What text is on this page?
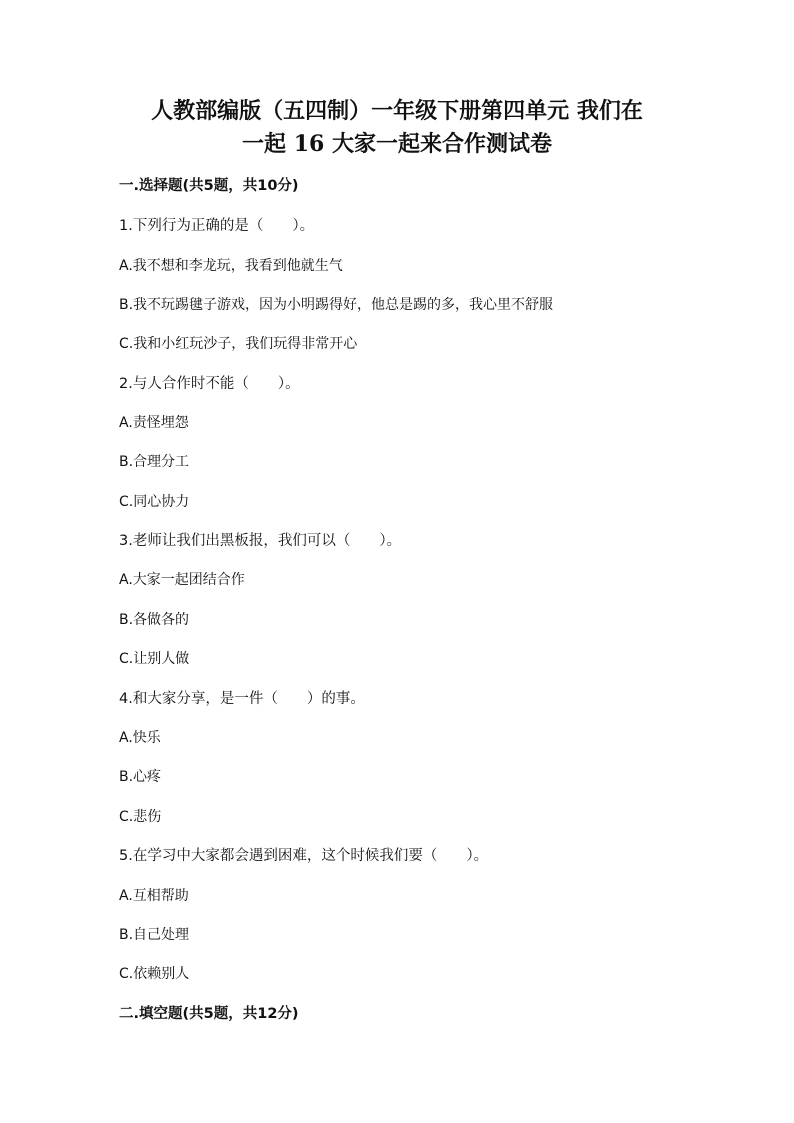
人教部编版（五四制）一年级下册第四单元 我们在
一起 16 大家一起来合作测试卷
一.选择题(共5题，共10分)
1.下列行为正确的是（　　）。
A.我不想和李龙玩，我看到他就生气
B.我不玩踢毽子游戏，因为小明踢得好，他总是踢的多，我心里不舒服
C.我和小红玩沙子，我们玩得非常开心
2.与人合作时不能（　　）。
A.责怪埋怨
B.合理分工
C.同心协力
3.老师让我们出黑板报，我们可以（　　）。
A.大家一起团结合作
B.各做各的
C.让别人做
4.和大家分享，是一件（　　）的事。
A.快乐
B.心疼
C.悲伤
5.在学习中大家都会遇到困难，这个时候我们要（　　）。
A.互相帮助
B.自己处理
C.依赖别人
二.填空题(共5题，共12分)
